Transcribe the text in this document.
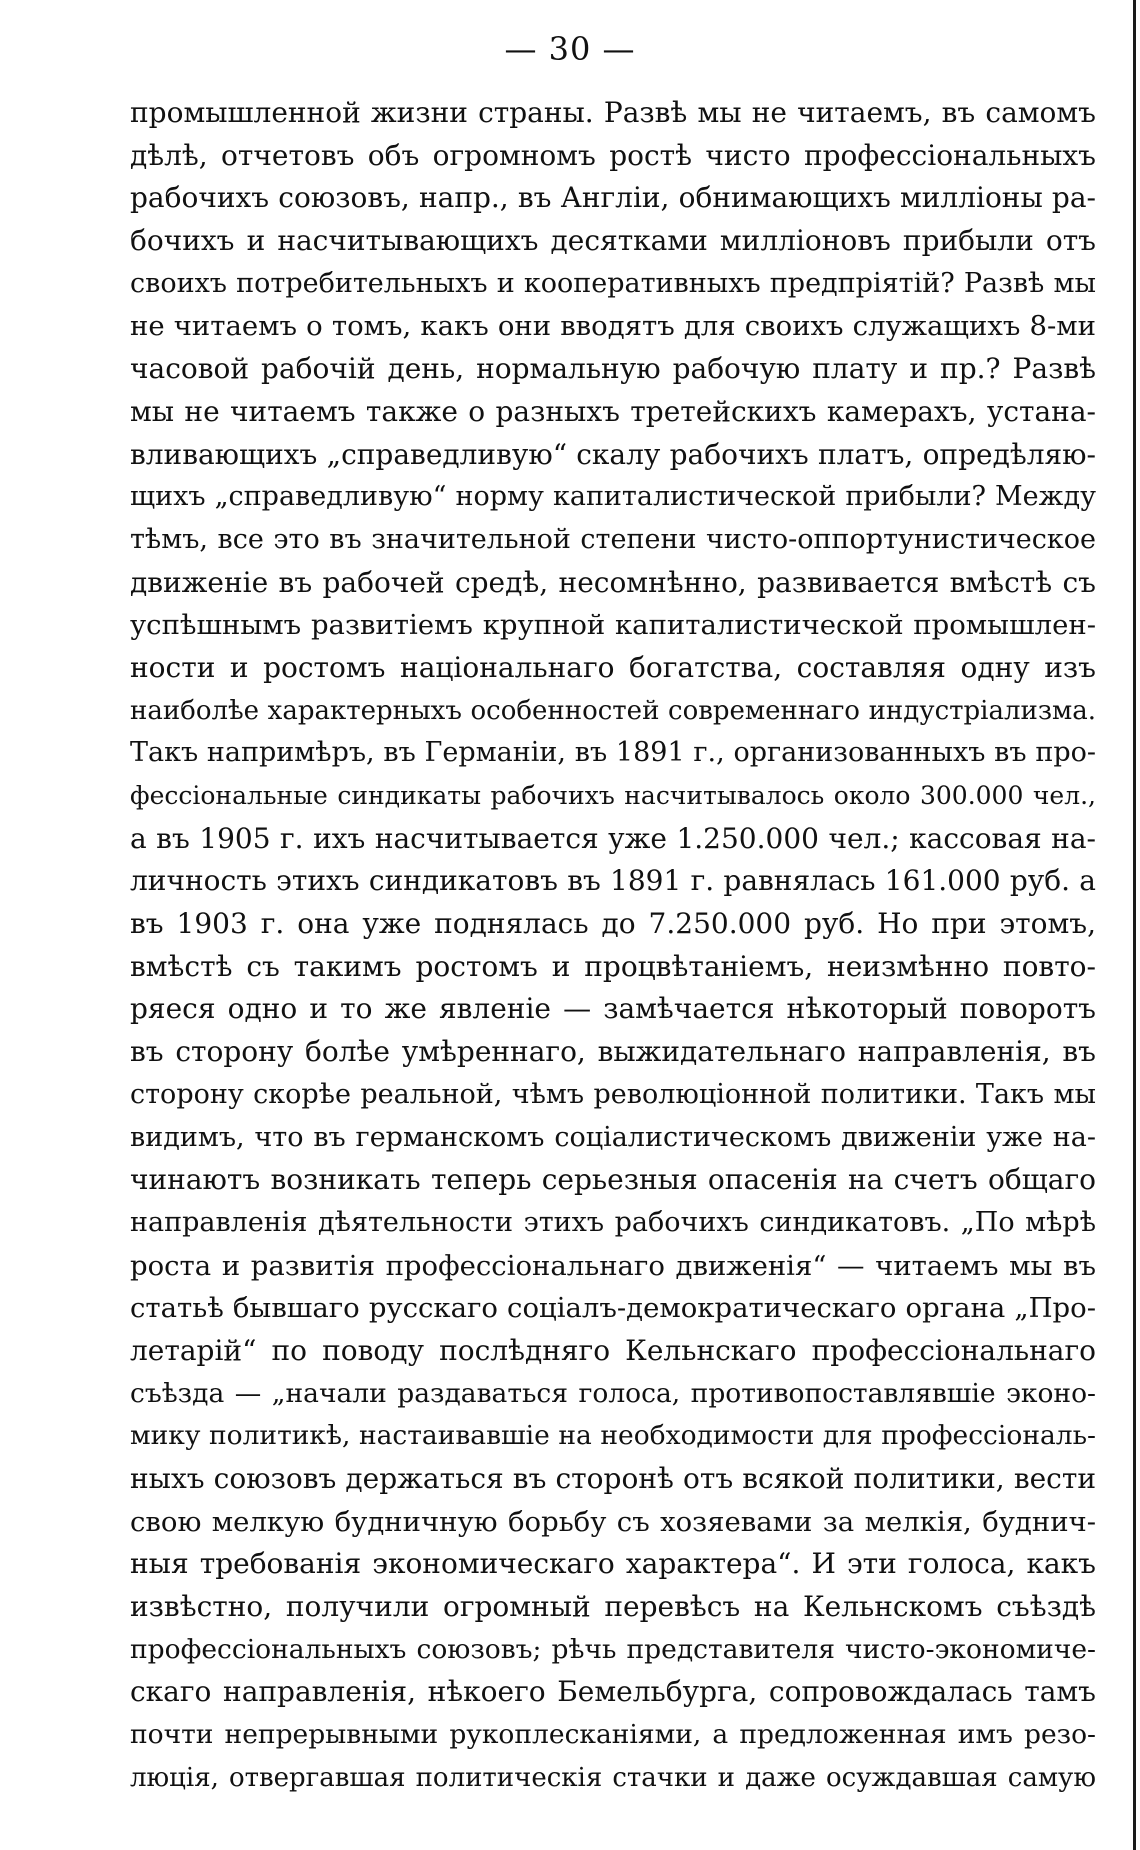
— 30 —
промышленной жизни страны. Развѣ мы не читаемъ, въ самомъ
дѣлѣ, отчетовъ объ огромномъ ростѣ чисто профессіональныхъ
рабочихъ союзовъ, напр., въ Англіи, обнимающихъ милліоны ра-
бочихъ и насчитывающихъ десятками милліоновъ прибыли отъ
своихъ потребительныхъ и кооперативныхъ предпріятій? Развѣ мы
не читаемъ о томъ, какъ они вводятъ для своихъ служащихъ 8-ми
часовой рабочій день, нормальную рабочую плату и пр.? Развѣ
мы не читаемъ также о разныхъ третейскихъ камерахъ, устана-
вливающихъ „справедливую“ скалу рабочихъ платъ, опредѣляю-
щихъ „справедливую“ норму капиталистической прибыли? Между
тѣмъ, все это въ значительной степени чисто-оппортунистическое
движеніе въ рабочей средѣ, несомнѣнно, развивается вмѣстѣ съ
успѣшнымъ развитіемъ крупной капиталистической промышлен-
ности и ростомъ національнаго богатства, составляя одну изъ
наиболѣе характерныхъ особенностей современнаго индустріализма.
Такъ напримѣръ, въ Германіи, въ 1891 г., организованныхъ въ про-
фессіональные синдикаты рабочихъ насчитывалось около 300.000 чел.,
а въ 1905 г. ихъ насчитывается уже 1.250.000 чел.; кассовая на-
личность этихъ синдикатовъ въ 1891 г. равнялась 161.000 руб. а
въ 1903 г. она уже поднялась до 7.250.000 руб. Но при этомъ,
вмѣстѣ съ такимъ ростомъ и процвѣтаніемъ, неизмѣнно повто-
ряеся одно и то же явленіе — замѣчается нѣкоторый поворотъ
въ сторону болѣе умѣреннаго, выжидательнаго направленія, въ
сторону скорѣе реальной, чѣмъ революціонной политики. Такъ мы
видимъ, что въ германскомъ соціалистическомъ движеніи уже на-
чинаютъ возникать теперь серьезныя опасенія на счетъ общаго
направленія дѣятельности этихъ рабочихъ синдикатовъ. „По мѣрѣ
роста и развитія профессіональнаго движенія“ — читаемъ мы въ
статьѣ бывшаго русскаго соціалъ-демократическаго органа „Про-
летарій“ по поводу послѣдняго Кельнскаго профессіональнаго
съѣзда — „начали раздаваться голоса, противопоставлявшіе эконо-
мику политикѣ, настаивавшіе на необходимости для профессіональ-
ныхъ союзовъ держаться въ сторонѣ отъ всякой политики, вести
свою мелкую будничную борьбу съ хозяевами за мелкія, буднич-
ныя требованія экономическаго характера“. И эти голоса, какъ
извѣстно, получили огромный перевѣсъ на Кельнскомъ съѣздѣ
профессіональныхъ союзовъ; рѣчь представителя чисто-экономиче-
скаго направленія, нѣкоего Бемельбурга, сопровождалась тамъ
почти непрерывными рукоплесканіями, а предложенная имъ резо-
люція, отвергавшая политическія стачки и даже осуждавшая самую
